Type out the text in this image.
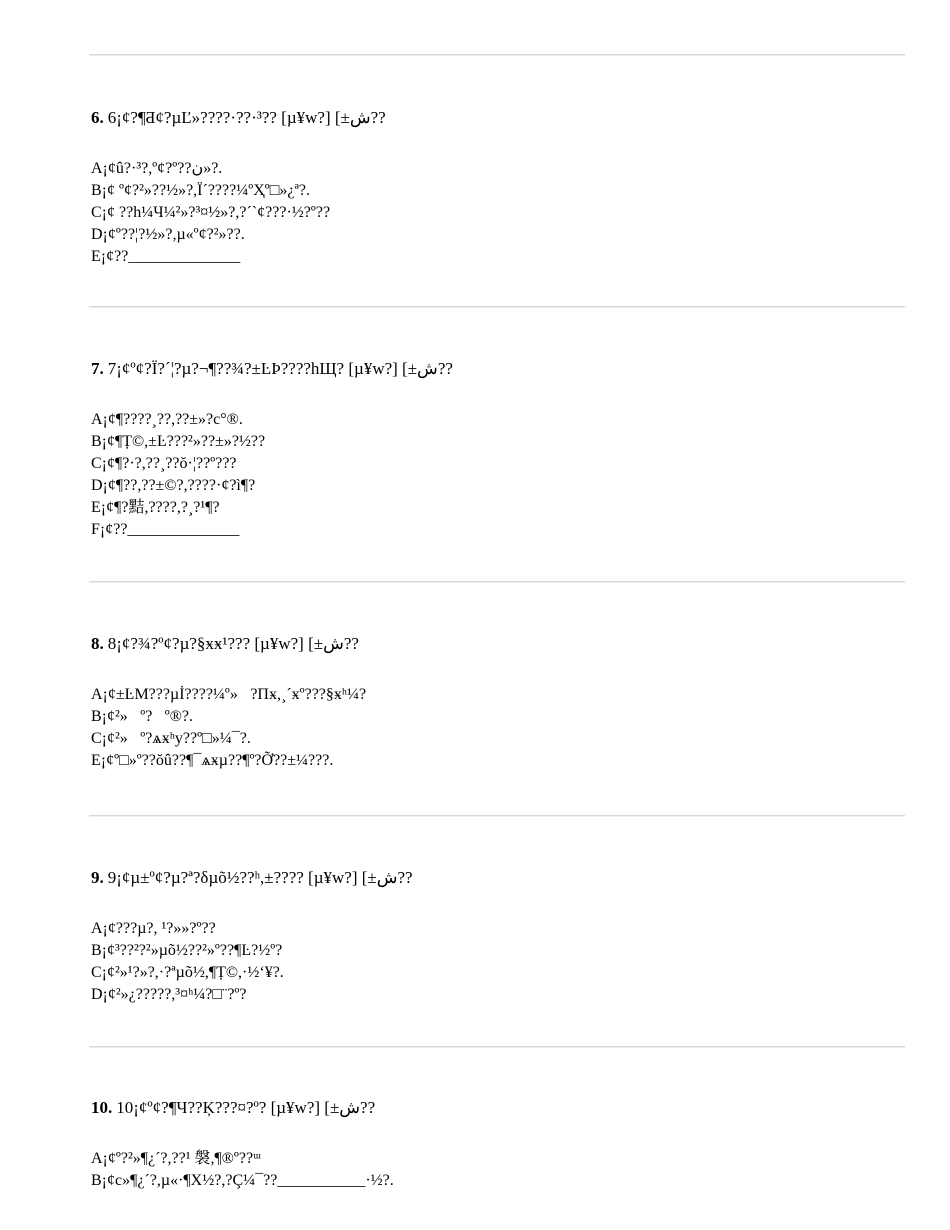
6. 6¡¢?¶Ƌ¢?µĽ»????·??·³?? [µ¥w?] [±ش??
A¡¢û?·³?,º¢?º??ن»?.
B¡¢ º¢?²»??½»?,Ï´????¼ºҲº□»¿ª?.
C¡¢ ??h¼Ч¼²»?³¤½»?,?´`¢???·½?º??
D¡¢º??¦?½»?,µ«º¢?²»??.
E¡¢??______________
7. 7¡¢º¢?Ï?´¦?µ?¬¶??¾?±ĿÞ????hЩ? [µ¥w?] [±ش??
A¡¢¶????¸??,??±»?c°®.
B¡¢¶Ț©,±Ŀ???²»??±»?½??
C¡¢¶?·?,??¸??ŏ·¦??º???
D¡¢¶??,??±©?,????·¢?ì¶?
E¡¢¶?黠,????,?¸?¹¶?
F¡¢??______________
8. 8¡¢?¾?º¢?µ?§ӿӿ¹??? [µ¥w?] [±ش??
A¡¢±ĿМ???µİ????¼º»᪽?Пӿ,¸´ӿº???§ӿʰ¼?
B¡¢²»ᷓº?ᷓº®?.
C¡¢²»ᷓº?ѧӿʰу??º□»¼¯?.
E¡¢º□»º??ŏû??¶¯ѧӿµ??¶º?Ỡ??±¼???.
9. 9¡¢µ±º¢?µ?ª?δµõ½??ʰ,±???? [µ¥w?] [±ش??
A¡¢???µ?, ¹?»»?º??
B¡¢³??²?²»µõ½??²»º??¶Ŀ?½º?
C¡¢²»¹?»?,·?ªµõ½,¶Ț©,·½ʻ¥?.
D¡¢²»¿?????,³¤ʰ¼?□¨?º?
10. 10¡¢º¢?¶Ч??Ķ???¤?º? [µ¥w?] [±ش??
A¡¢º?²»¶¿´?,??¹ 褩,¶®º??ᵚ
B¡¢c»¶¿´?,µ«·¶Х½?,?Ç¼¯??___________·½?.
